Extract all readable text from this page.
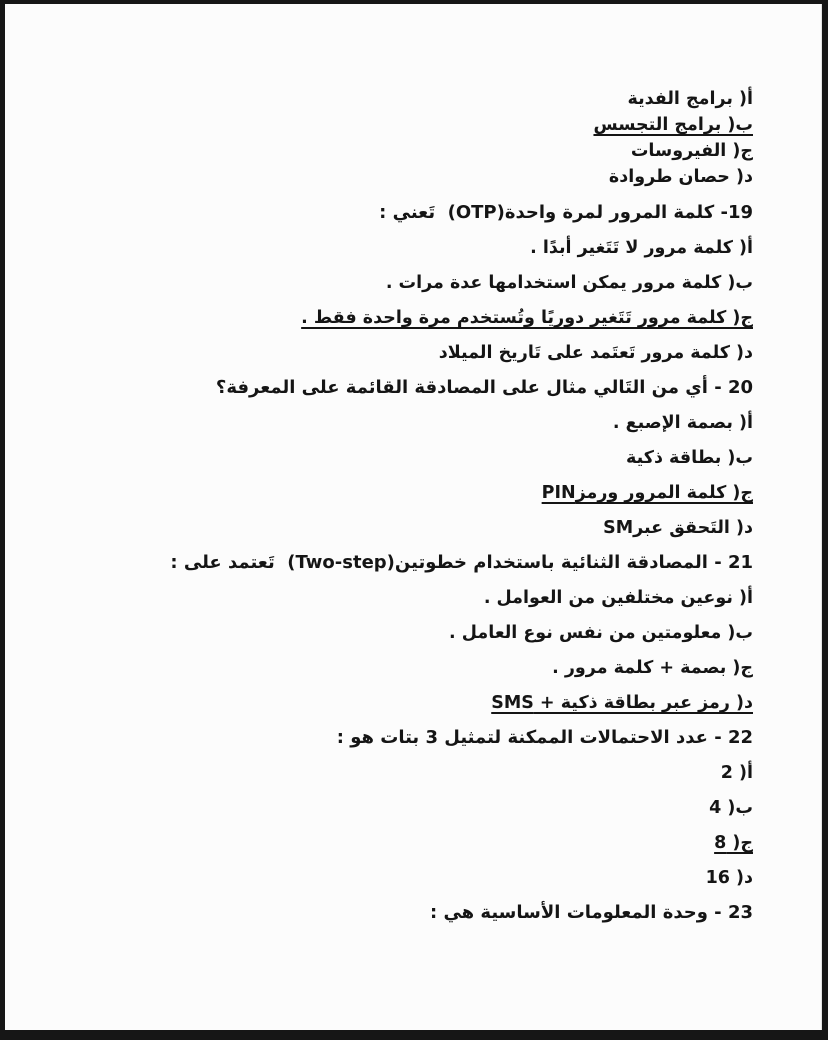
أ( برامج الفدية
ب( برامج التجسس
ج( الفيروسات
د( حصان طروادة
19- كلمة المرور لمرة واحدة(OTP)  تَعني :
أ( كلمة مرور لا تَتَغير أبدًا .
ب( كلمة مرور يمكن استخدامها عدة مرات .
ج( كلمة مرور تَتَغير دوريًا وتُستخدم مرة واحدة فقط .
د( كلمة مرور تَعتَمد على تَاريخ الميلاد
20 - أي من التَالي مثال على المصادقة القائمة على المعرفة؟
أ( بصمة الإصبع .
ب( بطاقة ذكية
ج( كلمة المرور ورمزPIN
د( التَحقق عبرSM
21 - المصادقة الثنائية باستخدام خطوتين(Two-step)  تَعتمد على :
أ( نوعين مختلفين من العوامل .
ب( معلومتين من نفس نوع العامل .
ج( بصمة + كلمة مرور .
د( رمز عبر بطاقة ذكية + SMS
22 - عدد الاحتمالات الممكنة لتمثيل 3 بتات هو :
أ( 2
ب( 4
ج( 8
د( 16
23 - وحدة المعلومات الأساسية هي :
